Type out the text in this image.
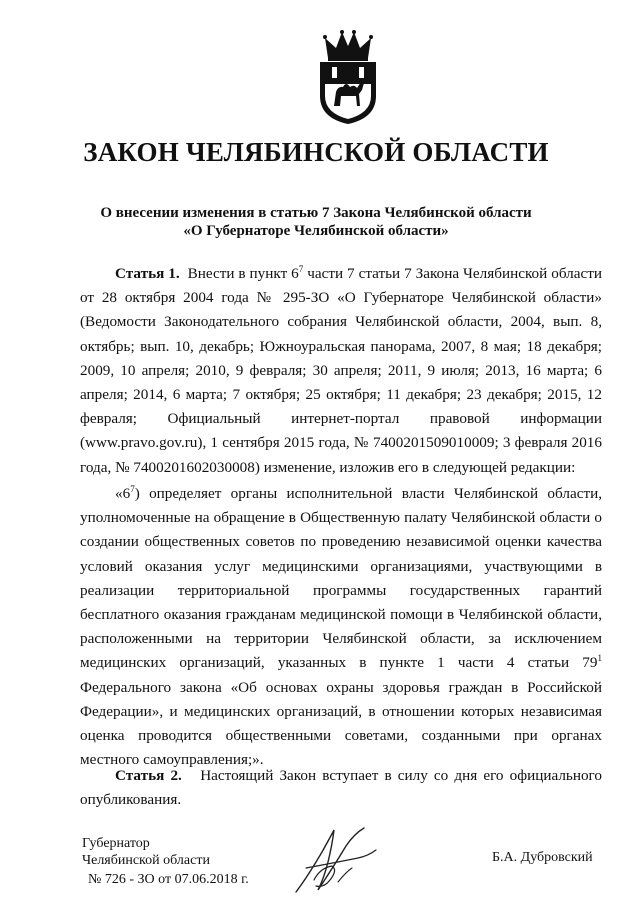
ЗАКОН ЧЕЛЯБИНСКОЙ ОБЛАСТИ
О внесении изменения в статью 7 Закона Челябинской области
«О Губернаторе Челябинской области»
Статья 1. Внести в пункт $6^7$ части 7 статьи 7 Закона Челябинской области от 28 октября 2004 года № 295-ЗО «О Губернаторе Челябинской области» (Ведомости Законодательного собрания Челябинской области, 2004, вып. 8, октябрь; вып. 10, декабрь; Южноуральская панорама, 2007, 8 мая; 18 декабря; 2009, 10 апреля; 2010, 9 февраля; 30 апреля; 2011, 9 июля; 2013, 16 марта; 6 апреля; 2014, 6 марта; 7 октября; 25 октября; 11 декабря; 23 декабря; 2015, 12 февраля; Официальный интернет-портал правовой информации (www.pravo.gov.ru), 1 сентября 2015 года, № 7400201509010009; 3 февраля 2016 года, № 7400201602030008) изменение, изложив его в следующей редакции:
«$6^7$) определяет органы исполнительной власти Челябинской области, уполномоченные на обращение в Общественную палату Челябинской области о создании общественных советов по проведению независимой оценки качества условий оказания услуг медицинскими организациями, участвующими в реализации территориальной программы государственных гарантий бесплатного оказания гражданам медицинской помощи в Челябинской области, расположенными на территории Челябинской области, за исключением медицинских организаций, указанных в пункте 1 части 4 статьи $79^1$ Федерального закона «Об основах охраны здоровья граждан в Российской Федерации», и медицинских организаций, в отношении которых независимая оценка проводится общественными советами, созданными при органах местного самоуправления;».
Статья 2. Настоящий Закон вступает в силу со дня его официального опубликования.
Губернатор
Челябинской области
№ 726 - ЗО от 07.06.2018 г.
Б.А. Дубровский
